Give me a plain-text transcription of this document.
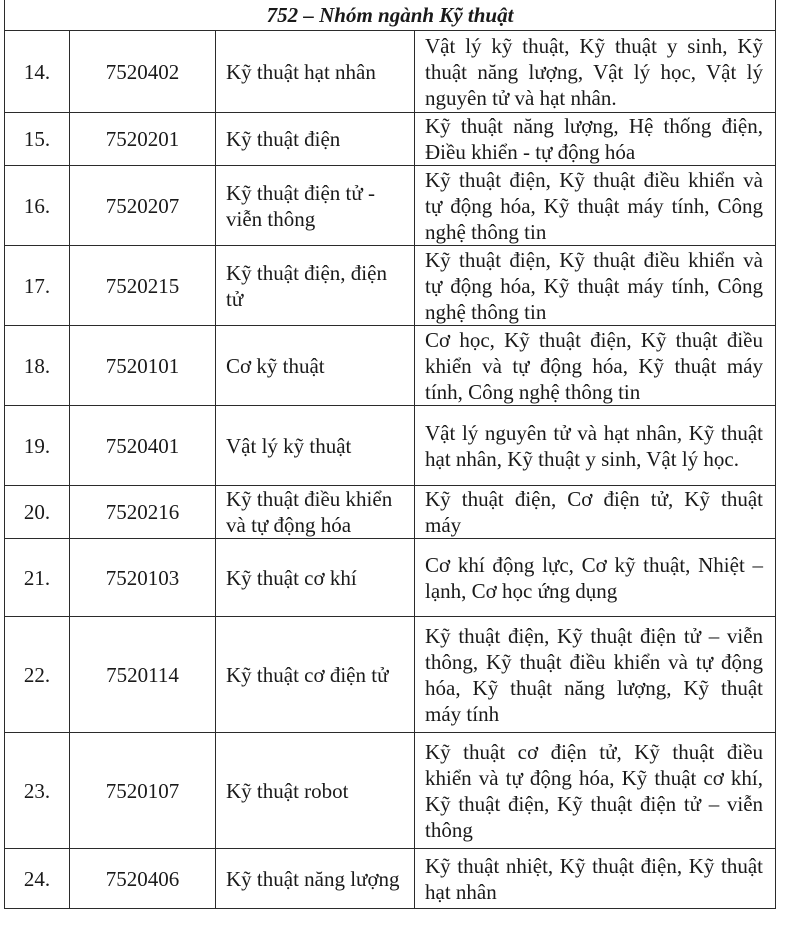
752 – Nhóm ngành Kỹ thuật			
14.	7520402	Kỹ thuật hạt nhân	Vật lý kỹ thuật, Kỹ thuật y sinh, Kỹ thuật năng lượng, Vật lý học, Vật lý nguyên tử và hạt nhân.
15.	7520201	Kỹ thuật điện	Kỹ thuật năng lượng, Hệ thống điện, Điều khiển - tự động hóa
16.	7520207	Kỹ thuật điện tử - viễn thông	Kỹ thuật điện, Kỹ thuật điều khiển và tự động hóa, Kỹ thuật máy tính, Công nghệ thông tin
17.	7520215	Kỹ thuật điện, điện tử	Kỹ thuật điện, Kỹ thuật điều khiển và tự động hóa, Kỹ thuật máy tính, Công nghệ thông tin
18.	7520101	Cơ kỹ thuật	Cơ học, Kỹ thuật điện, Kỹ thuật điều khiển và tự động hóa, Kỹ thuật máy tính, Công nghệ thông tin
19.	7520401	Vật lý kỹ thuật	Vật lý nguyên tử và hạt nhân, Kỹ thuật hạt nhân, Kỹ thuật y sinh, Vật lý học.
20.	7520216	Kỹ thuật điều khiển và tự động hóa	Kỹ thuật điện, Cơ điện tử, Kỹ thuật máy
21.	7520103	Kỹ thuật cơ khí	Cơ khí động lực, Cơ kỹ thuật, Nhiệt – lạnh, Cơ học ứng dụng
22.	7520114	Kỹ thuật cơ điện tử	Kỹ thuật điện, Kỹ thuật điện tử – viễn thông, Kỹ thuật điều khiển và tự động hóa, Kỹ thuật năng lượng, Kỹ thuật máy tính
23.	7520107	Kỹ thuật robot	Kỹ thuật cơ điện tử, Kỹ thuật điều khiển và tự động hóa, Kỹ thuật cơ khí, Kỹ thuật điện, Kỹ thuật điện tử – viễn thông
24.	7520406	Kỹ thuật năng lượng	Kỹ thuật nhiệt, Kỹ thuật điện, Kỹ thuật hạt nhân
